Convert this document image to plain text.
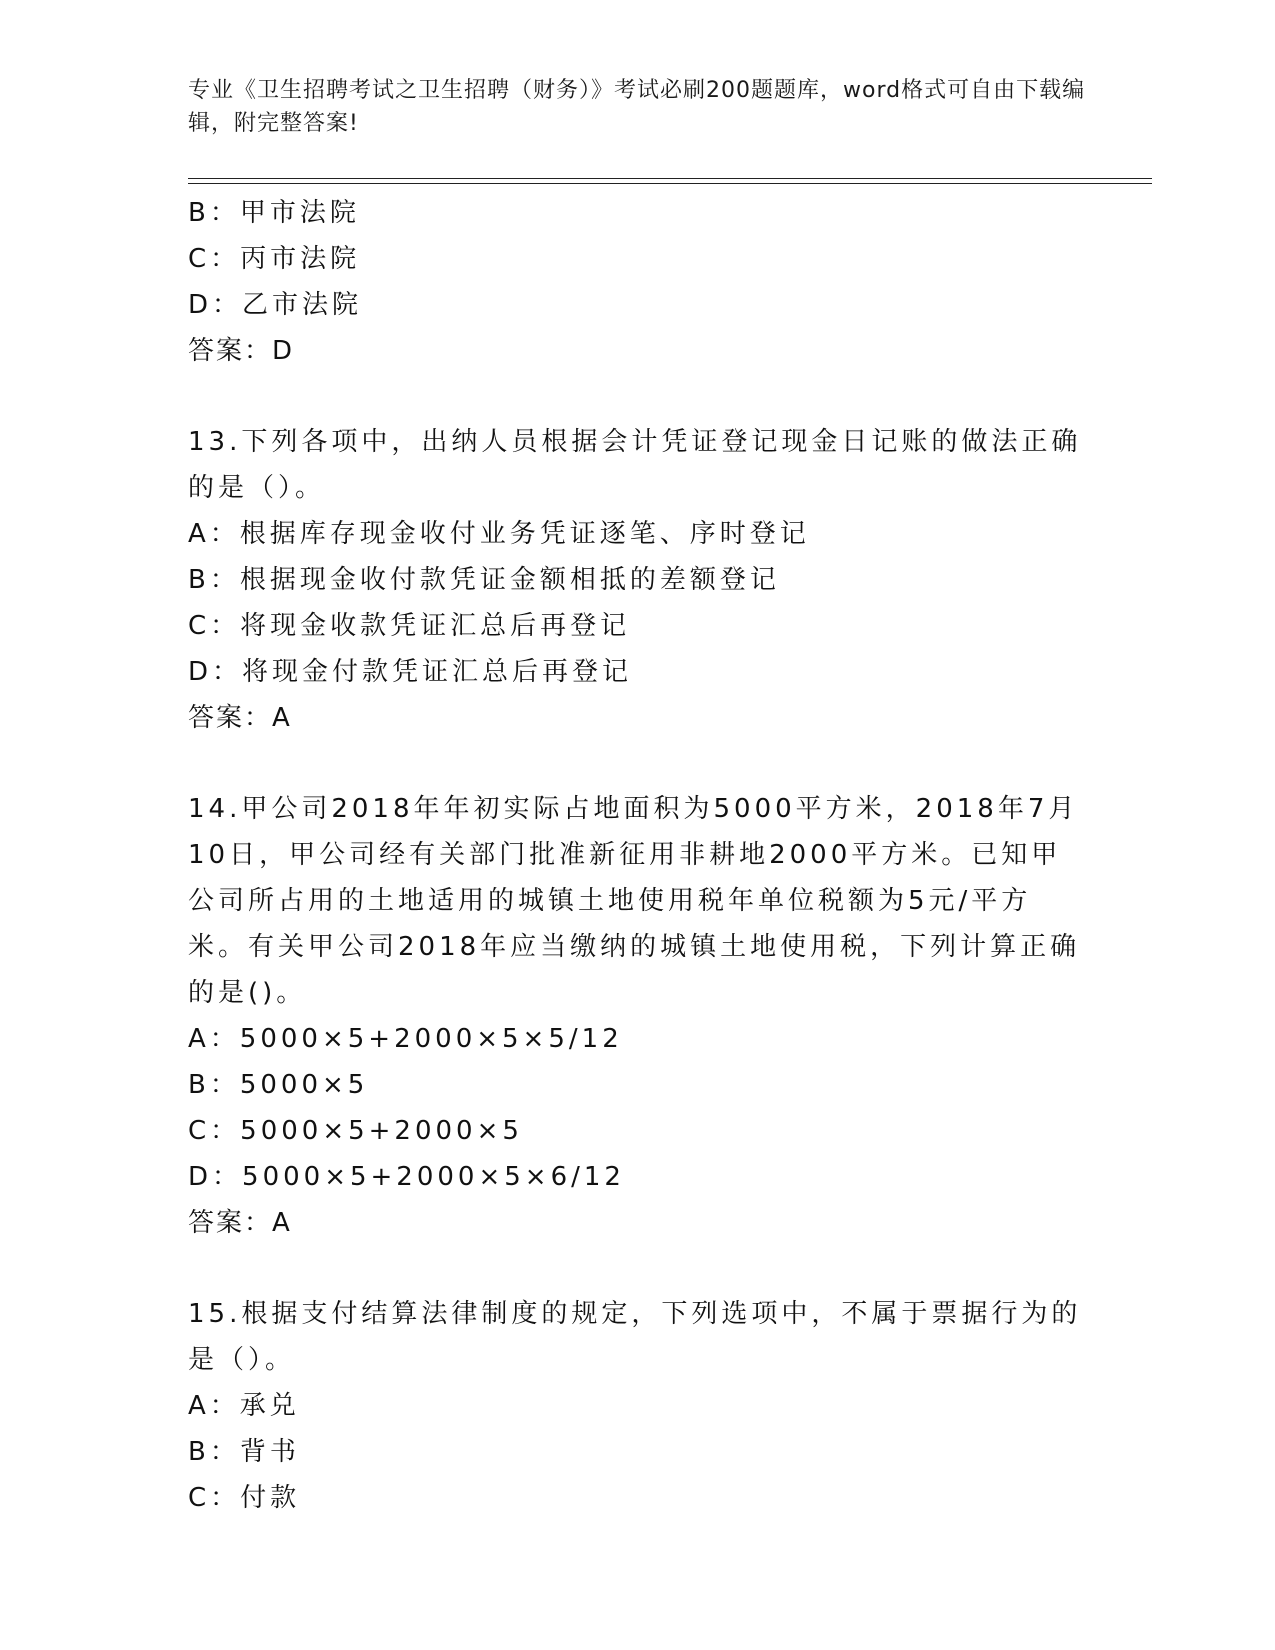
专业《卫生招聘考试之卫生招聘（财务）》考试必刷200题题库，word格式可自由下载编辑，附完整答案!
B：甲市法院
C：丙市法院
D：乙市法院
答案：D
13.下列各项中，出纳人员根据会计凭证登记现金日记账的做法正确的是（）。
A：根据库存现金收付业务凭证逐笔、序时登记
B：根据现金收付款凭证金额相抵的差额登记
C：将现金收款凭证汇总后再登记
D：将现金付款凭证汇总后再登记
答案：A
14.甲公司2018年年初实际占地面积为5000平方米，2018年7月10日，甲公司经有关部门批准新征用非耕地2000平方米。已知甲公司所占用的土地适用的城镇土地使用税年单位税额为5元/平方米。有关甲公司2018年应当缴纳的城镇土地使用税，下列计算正确的是()。
A：5000×5+2000×5×5/12
B：5000×5
C：5000×5+2000×5
D：5000×5+2000×5×6/12
答案：A
15.根据支付结算法律制度的规定，下列选项中，不属于票据行为的是（）。
A：承兑
B：背书
C：付款
